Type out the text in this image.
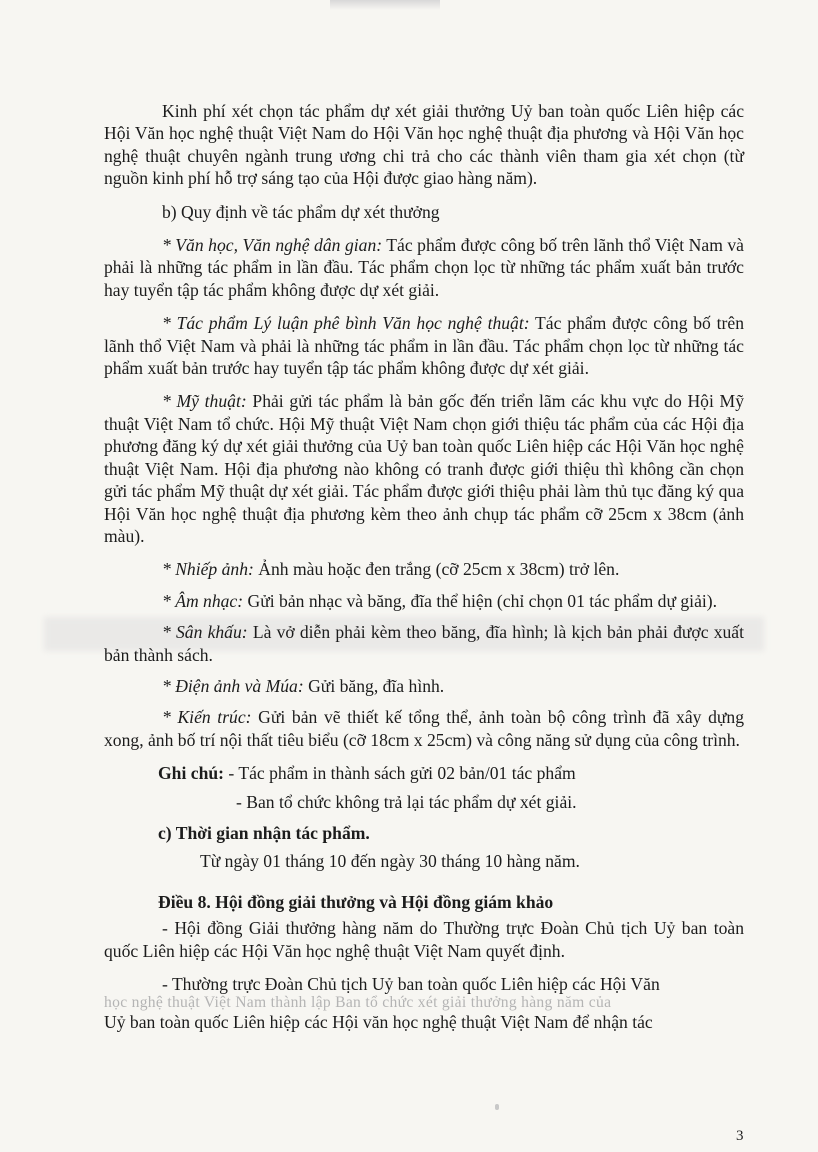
Kinh phí xét chọn tác phẩm dự xét giải thưởng Uỷ ban toàn quốc Liên hiệp các Hội Văn học nghệ thuật Việt Nam do Hội Văn học nghệ thuật địa phương và Hội Văn học nghệ thuật chuyên ngành trung ương chi trả cho các thành viên tham gia xét chọn (từ nguồn kinh phí hỗ trợ sáng tạo của Hội được giao hàng năm).

b) Quy định về tác phẩm dự xét thưởng

* Văn học, Văn nghệ dân gian: Tác phẩm được công bố trên lãnh thổ Việt Nam và phải là những tác phẩm in lần đầu. Tác phẩm chọn lọc từ những tác phẩm xuất bản trước hay tuyển tập tác phẩm không được dự xét giải.

* Tác phẩm Lý luận phê bình Văn học nghệ thuật: Tác phẩm được công bố trên lãnh thổ Việt Nam và phải là những tác phẩm in lần đầu. Tác phẩm chọn lọc từ những tác phẩm xuất bản trước hay tuyển tập tác phẩm không được dự xét giải.

* Mỹ thuật: Phải gửi tác phẩm là bản gốc đến triển lãm các khu vực do Hội Mỹ thuật Việt Nam tổ chức. Hội Mỹ thuật Việt Nam chọn giới thiệu tác phẩm của các Hội địa phương đăng ký dự xét giải thưởng của Uỷ ban toàn quốc Liên hiệp các Hội Văn học nghệ thuật Việt Nam. Hội địa phương nào không có tranh được giới thiệu thì không cần chọn gửi tác phẩm Mỹ thuật dự xét giải. Tác phẩm được giới thiệu phải làm thủ tục đăng ký qua Hội Văn học nghệ thuật địa phương kèm theo ảnh chụp tác phẩm cỡ 25cm x 38cm (ảnh màu).

* Nhiếp ảnh: Ảnh màu hoặc đen trắng (cỡ 25cm x 38cm) trở lên.

* Âm nhạc: Gửi bản nhạc và băng, đĩa thể hiện (chỉ chọn 01 tác phẩm dự giải).

* Sân khấu: Là vở diễn phải kèm theo băng, đĩa hình; là kịch bản phải được xuất bản thành sách.

* Điện ảnh và Múa: Gửi băng, đĩa hình.

* Kiến trúc: Gửi bản vẽ thiết kế tổng thể, ảnh toàn bộ công trình đã xây dựng xong, ảnh bố trí nội thất tiêu biểu (cỡ 18cm x 25cm) và công năng sử dụng của công trình.

Ghi chú: - Tác phẩm in thành sách gửi 02 bản/01 tác phẩm
- Ban tổ chức không trả lại tác phẩm dự xét giải.
c) Thời gian nhận tác phẩm.
Từ ngày 01 tháng 10 đến ngày 30 tháng 10 hàng năm.
Điều 8. Hội đồng giải thưởng và Hội đồng giám khảo

- Hội đồng Giải thưởng hàng năm do Thường trực Đoàn Chủ tịch Uỷ ban toàn quốc Liên hiệp các Hội Văn học nghệ thuật Việt Nam quyết định.

- Thường trực Đoàn Chủ tịch Uỷ ban toàn quốc Liên hiệp các Hội Văn
học nghệ thuật Việt Nam thành lập Ban tổ chức xét giải thưởng hàng năm của
Uỷ ban toàn quốc Liên hiệp các Hội văn học nghệ thuật Việt Nam để nhận tác
3
